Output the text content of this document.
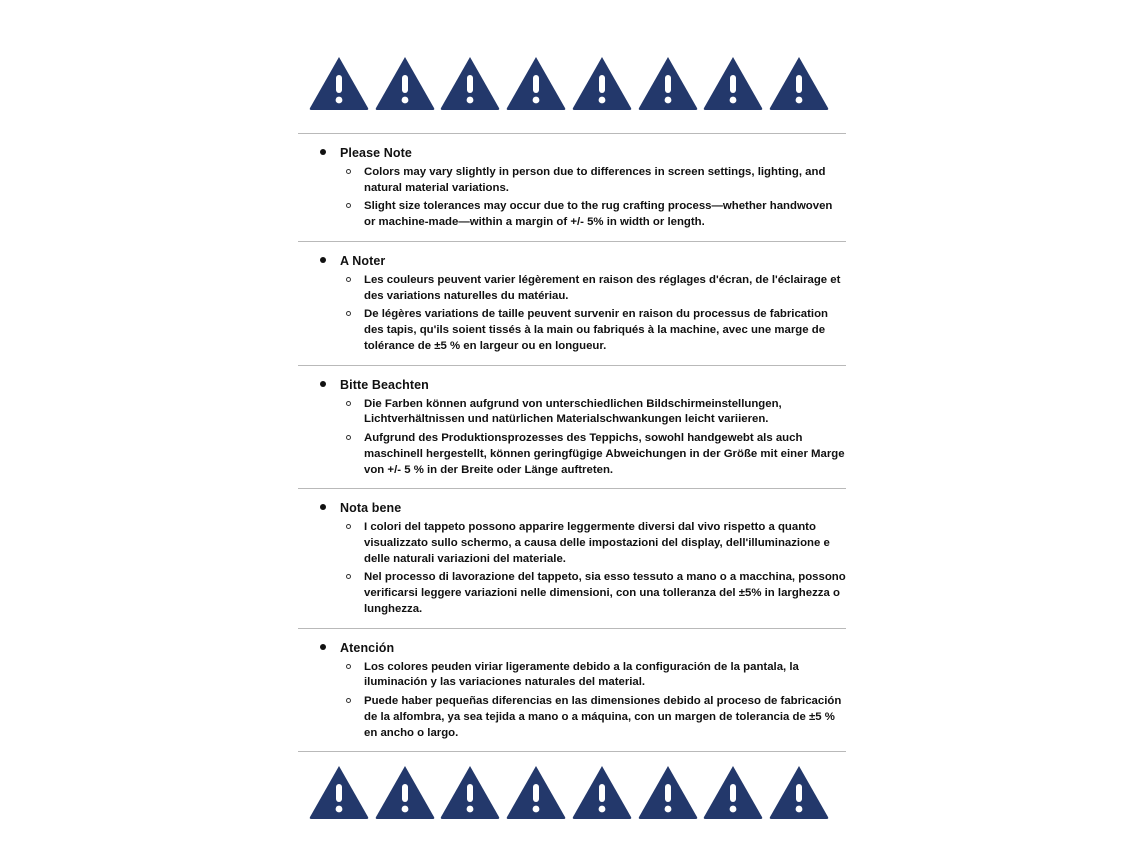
Please Note
Colors may vary slightly in person due to differences in screen settings, lighting, and natural material variations.
Slight size tolerances may occur due to the rug crafting process—whether handwoven or machine-made—within a margin of +/- 5% in width or length.
A Noter
Les couleurs peuvent varier légèrement en raison des réglages d'écran, de l'éclairage et des variations naturelles du matériau.
De légères variations de taille peuvent survenir en raison du processus de fabrication des tapis, qu'ils soient tissés à la main ou fabriqués à la machine, avec une marge de tolérance de ±5 % en largeur ou en longueur.
Bitte Beachten
Die Farben können aufgrund von unterschiedlichen Bildschirmeinstellungen, Lichtverhältnissen und natürlichen Materialschwankungen leicht variieren.
Aufgrund des Produktionsprozesses des Teppichs, sowohl handgewebt als auch maschinell hergestellt, können geringfügige Abweichungen in der Größe mit einer Marge von +/- 5 % in der Breite oder Länge auftreten.
Nota bene
I colori del tappeto possono apparire leggermente diversi dal vivo rispetto a quanto visualizzato sullo schermo, a causa delle impostazioni del display, dell'illuminazione e delle naturali variazioni del materiale.
Nel processo di lavorazione del tappeto, sia esso tessuto a mano o a macchina, possono verificarsi leggere variazioni nelle dimensioni, con una tolleranza del ±5% in larghezza o lunghezza.
Atención
Los colores peuden viriar ligeramente debido a la configuración de la pantala, la iluminación y las variaciones naturales del material.
Puede haber pequeñas diferencias en las dimensiones debido al proceso de fabricación de la alfombra, ya sea tejida a mano o a máquina, con un margen de tolerancia de ±5 % en ancho o largo.
